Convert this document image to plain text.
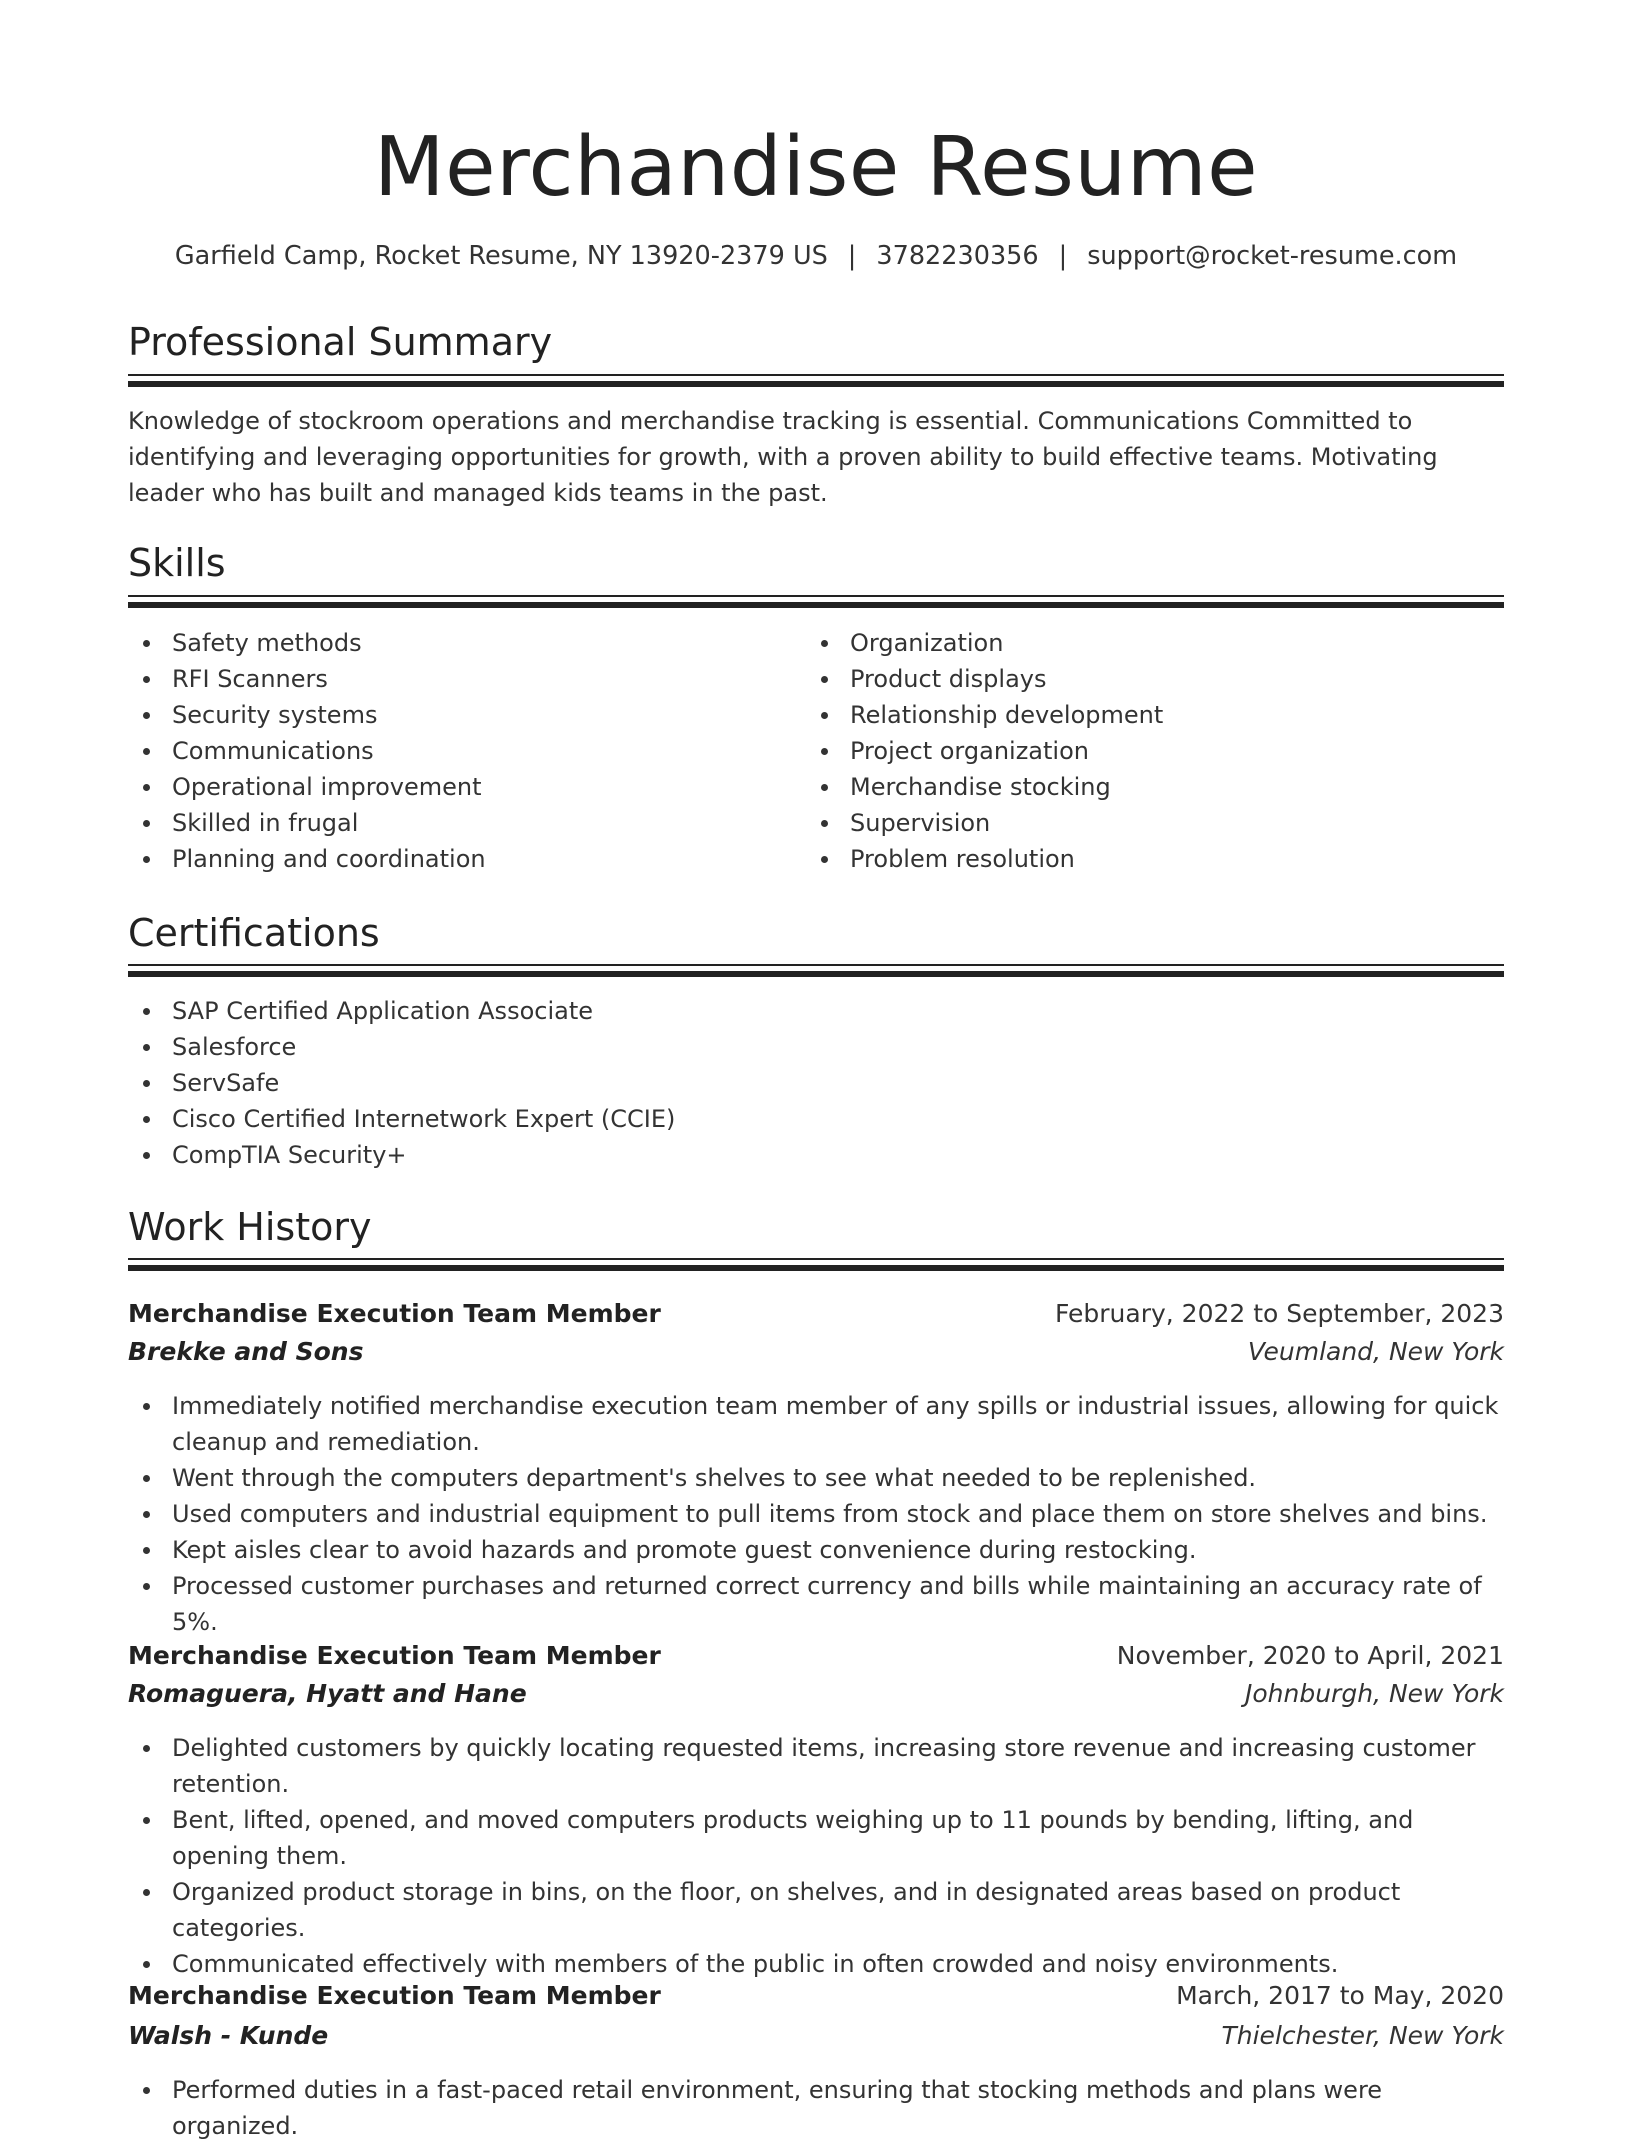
Merchandise Resume
Garfield Camp, Rocket Resume, NY 13920-2379 US | 3782230356 | support@rocket-resume.com
Professional Summary
Knowledge of stockroom operations and merchandise tracking is essential. Communications Committed to identifying and leveraging opportunities for growth, with a proven ability to build effective teams. Motivating leader who has built and managed kids teams in the past.
Skills
Safety methods
RFI Scanners
Security systems
Communications
Operational improvement
Skilled in frugal
Planning and coordination
Organization
Product displays
Relationship development
Project organization
Merchandise stocking
Supervision
Problem resolution
Certifications
SAP Certified Application Associate
Salesforce
ServSafe
Cisco Certified Internetwork Expert (CCIE)
CompTIA Security+
Work History
Merchandise Execution Team Member	February, 2022 to September, 2023
Brekke and Sons	Veumland, New York
Immediately notified merchandise execution team member of any spills or industrial issues, allowing for quick cleanup and remediation.
Went through the computers department's shelves to see what needed to be replenished.
Used computers and industrial equipment to pull items from stock and place them on store shelves and bins.
Kept aisles clear to avoid hazards and promote guest convenience during restocking.
Processed customer purchases and returned correct currency and bills while maintaining an accuracy rate of 5%.
Merchandise Execution Team Member	November, 2020 to April, 2021
Romaguera, Hyatt and Hane	Johnburgh, New York
Delighted customers by quickly locating requested items, increasing store revenue and increasing customer retention.
Bent, lifted, opened, and moved computers products weighing up to 11 pounds by bending, lifting, and opening them.
Organized product storage in bins, on the floor, on shelves, and in designated areas based on product categories.
Communicated effectively with members of the public in often crowded and noisy environments.
Merchandise Execution Team Member	March, 2017 to May, 2020
Walsh - Kunde	Thielchester, New York
Performed duties in a fast-paced retail environment, ensuring that stocking methods and plans were organized.
